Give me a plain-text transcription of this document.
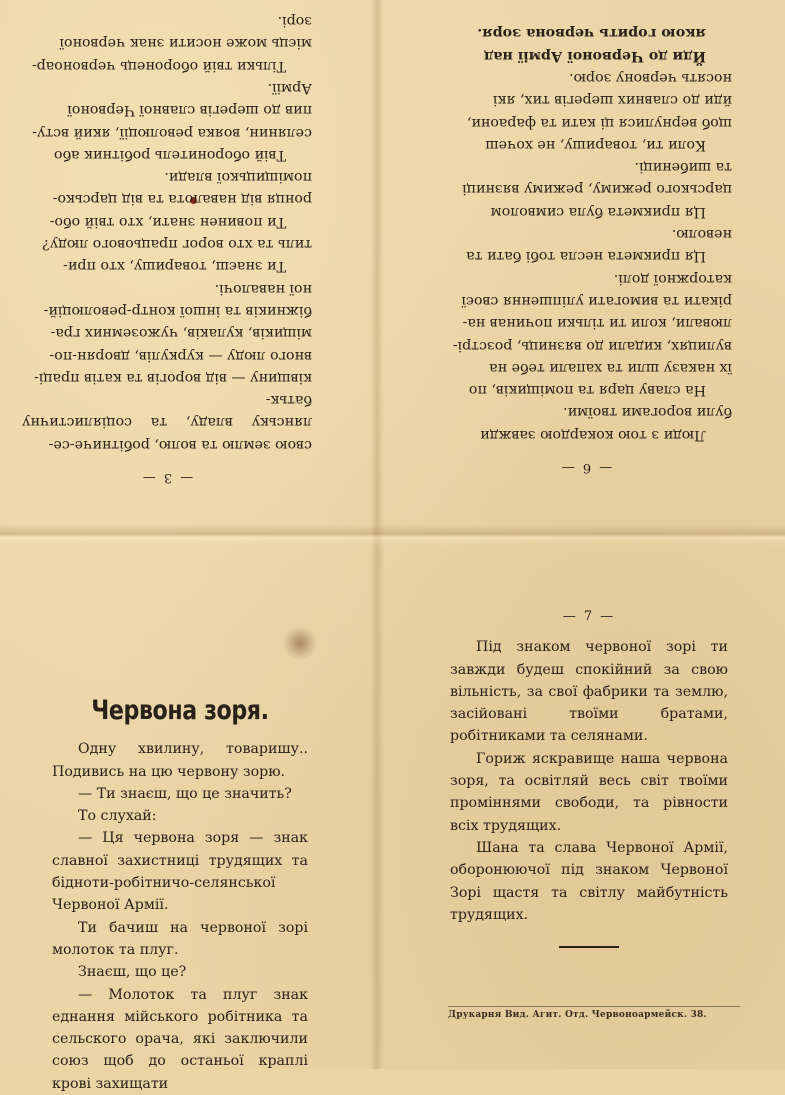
— 3 —

свою землю та волю, робітниче-се-

лянську владу, та соціялистичну батьк-

ківщину — від ворогів та катів праці-

вного люду — куркулів, дворян-по-

міщиків, кулаків, чужоземних гра-

біжників та іншої контр-революцій-

ної навалочі.

Ти знаєш, товаришу, хто при-

тиль та хто ворог працьового люду?

Ти повинен знати, хто твій обо-

ронця від навалота та від царсько-

поміщицької влади.

Твій оборонитель робітник або

селянин, вояка революції, який всту-

пив до шерегів славної Червоної

Армії.

Тільки твій оборонець червоноар-

мієць може носити знак червоної

зорі.

— 6 —

Люди з тою кокардою завжди

були ворогами твоїми.

На славу царя та поміщиків, по

їх наказу шли та хапали тебе на

вулицях, кидали до вязниць, розстрі-

лювали, коли ти тільки починав на-

рікати та вимогати уліпшення своєї

каторжної долі.

Ця прикмета несла тобі бати та

неволю.

Ця прикмета була символом

царського режиму, режиму вязниці

та шибениці.

Коли ти, товаришу, не хочеш

щоб вернулися ці кати та фараони,

йди до славних шерегів тих, які

носять червону зорю.

Йди до Червоної Армії над

якою горить червона зоря.

Червона зоря.

Одну хвилину, товаришу.. Подивись на цю червону зорю.

— Ти знаєш, що це значить?

То слухай:

— Ця червона зоря — знак славної захистниці трудящих та бідноти-робітничо-селянської Червоної Армії.

Ти бачиш на червоної зорі молоток та плуг.

Знаєш, що це?

— Молоток та плуг знак еднання мійського робітника та сельского орача, які заключили союз щоб до останьої краплі крові захищати

— 7 —

Під знаком червоної зорі ти завжди будеш спокійний за свою вільність, за свої фабрики та землю, засійовані твоїми братами, робітниками та селянами.

Гориж яскравище наша червона зоря, та освітляй весь світ твоїми проміннями свободи, та рівности всіх трудящих.

Шана та слава Червоної Армії, оборонюючої під знаком Червоної Зорі щастя та світлу майбутність трудящих.

Друкарня Вид. Агит. Отд. Червоноармейск. 38.
